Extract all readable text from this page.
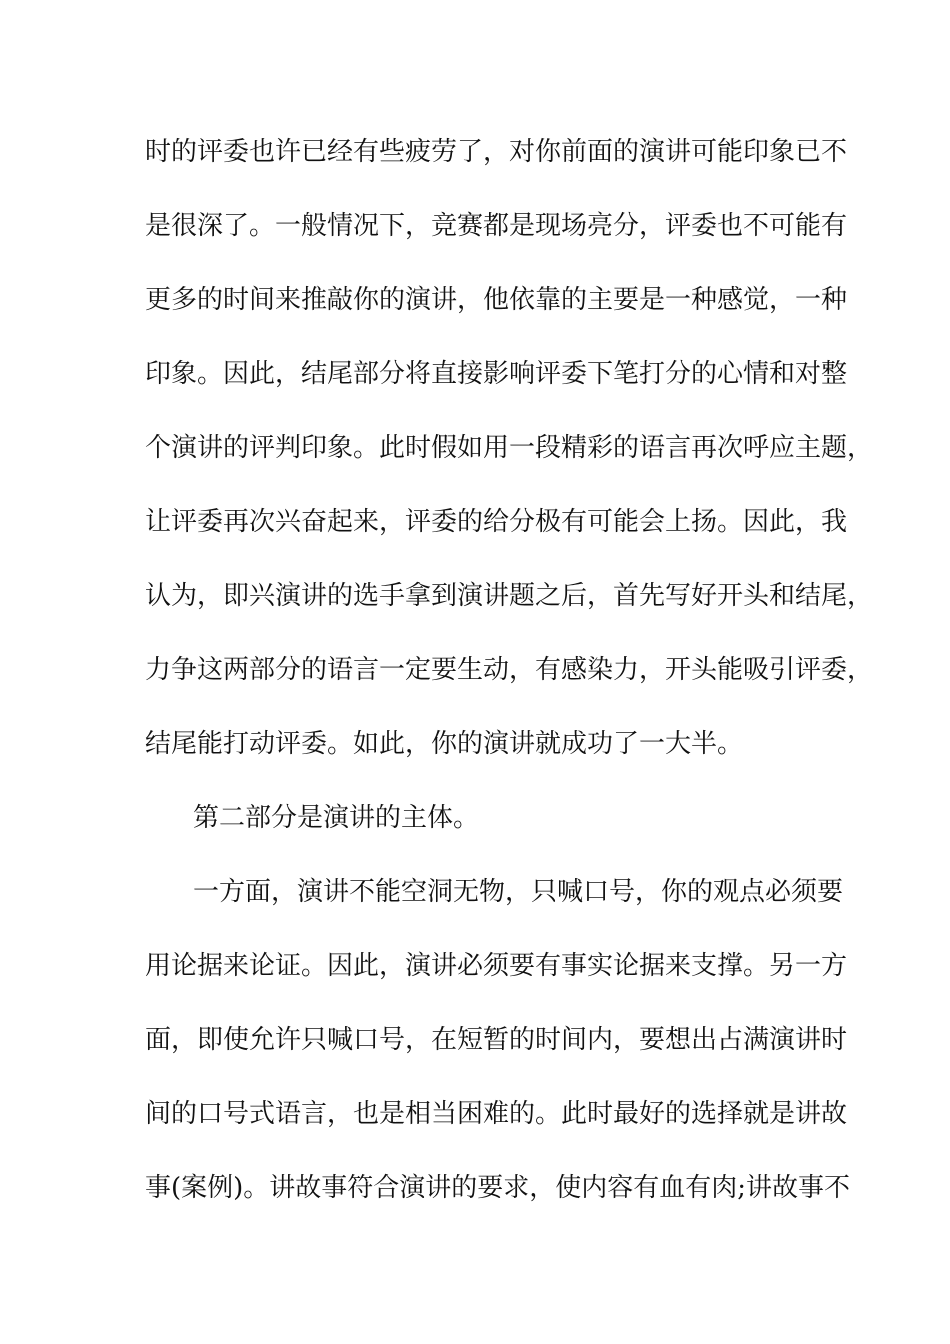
时的评委也许已经有些疲劳了，对你前面的演讲可能印象已不
是很深了。一般情况下，竞赛都是现场亮分，评委也不可能有
更多的时间来推敲你的演讲，他依靠的主要是一种感觉，一种
印象。因此，结尾部分将直接影响评委下笔打分的心情和对整
个演讲的评判印象。此时假如用一段精彩的语言再次呼应主题，
让评委再次兴奋起来，评委的给分极有可能会上扬。因此，我
认为，即兴演讲的选手拿到演讲题之后，首先写好开头和结尾，
力争这两部分的语言一定要生动，有感染力，开头能吸引评委，
结尾能打动评委。如此，你的演讲就成功了一大半。
第二部分是演讲的主体。
一方面，演讲不能空洞无物，只喊口号，你的观点必须要
用论据来论证。因此，演讲必须要有事实论据来支撑。另一方
面，即使允许只喊口号，在短暂的时间内，要想出占满演讲时
间的口号式语言，也是相当困难的。此时最好的选择就是讲故
事(案例)。讲故事符合演讲的要求，使内容有血有肉;讲故事不
